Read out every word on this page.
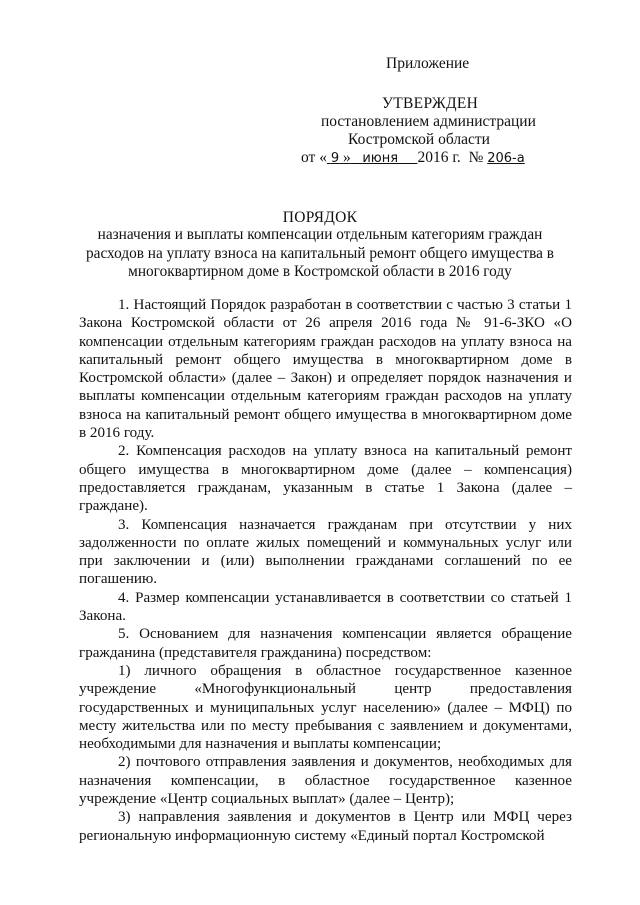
Приложение
УТВЕРЖДЕН
постановлением администрации
Костромской области
от « 9 » июня 2016 г. № 206-а
ПОРЯДОК
назначения и выплаты компенсации отдельным категориям граждан расходов на уплату взноса на капитальный ремонт общего имущества в многоквартирном доме в Костромской области в 2016 году

1. Настоящий Порядок разработан в соответствии с частью 3 статьи 1 Закона Костромской области от 26 апреля 2016 года № 91-6-ЗКО «О компенсации отдельным категориям граждан расходов на уплату взноса на капитальный ремонт общего имущества в многоквартирном доме в Костромской области» (далее – Закон) и определяет порядок назначения и выплаты компенсации отдельным категориям граждан расходов на уплату взноса на капитальный ремонт общего имущества в многоквартирном доме в 2016 году.

2. Компенсация расходов на уплату взноса на капитальный ремонт общего имущества в многоквартирном доме (далее – компенсация) предоставляется гражданам, указанным в статье 1 Закона (далее – граждане).

3. Компенсация назначается гражданам при отсутствии у них задолженности по оплате жилых помещений и коммунальных услуг или при заключении и (или) выполнении гражданами соглашений по ее погашению.

4. Размер компенсации устанавливается в соответствии со статьей 1 Закона.

5. Основанием для назначения компенсации является обращение гражданина (представителя гражданина) посредством:

1) личного обращения в областное государственное казенное учреждение «Многофункциональный центр предоставления государственных и муниципальных услуг населению» (далее – МФЦ) по месту жительства или по месту пребывания с заявлением и документами, необходимыми для назначения и выплаты компенсации;

2) почтового отправления заявления и документов, необходимых для назначения компенсации, в областное государственное казенное учреждение «Центр социальных выплат» (далее – Центр);

3) направления заявления и документов в Центр или МФЦ через региональную информационную систему «Единый портал Костромской
